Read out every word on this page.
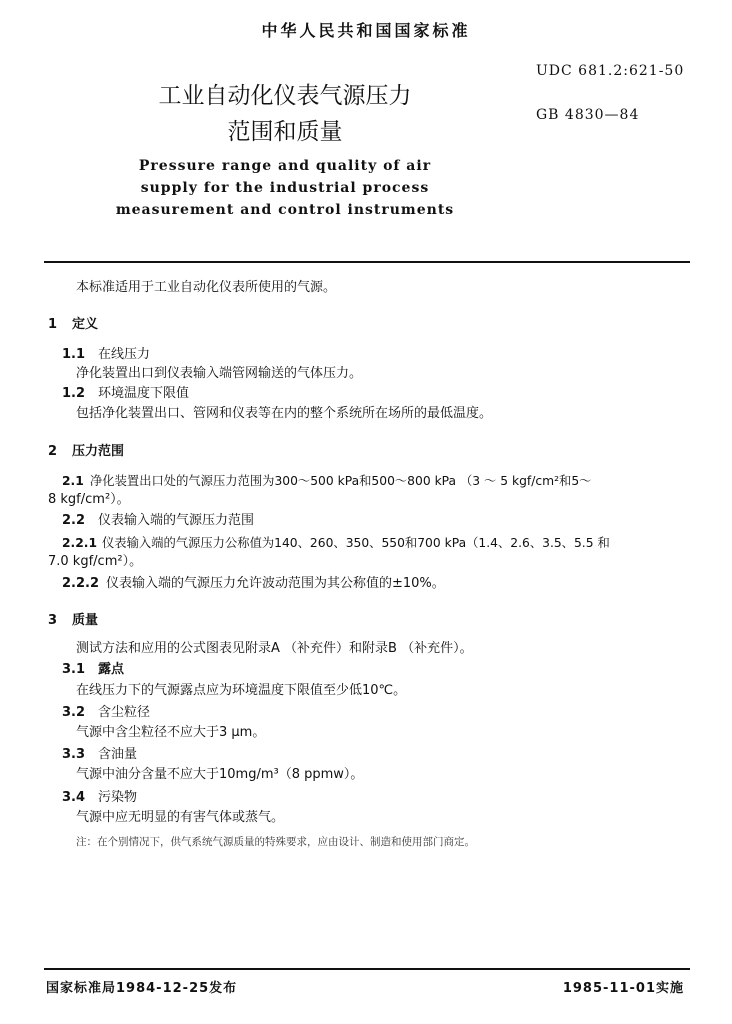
中华人民共和国国家标准
工业自动化仪表气源压力
范围和质量
UDC 681.2:621-50
GB 4830—84
Pressure range and quality of air
supply for the industrial process
measurement and control instruments
本标准适用于工业自动化仪表所使用的气源。
1 定义
1.1 在线压力
净化装置出口到仪表输入端管网输送的气体压力。
1.2 环境温度下限值
包括净化装置出口、管网和仪表等在内的整个系统所在场所的最低温度。
2 压力范围
2.1 净化装置出口处的气源压力范围为300～500 kPa和500～800 kPa （3 ～ 5 kgf/cm²和5～
8 kgf/cm²）。
2.2 仪表输入端的气源压力范围
2.2.1 仪表输入端的气源压力公称值为140、260、350、550和700 kPa（1.4、2.6、3.5、5.5 和
7.0 kgf/cm²）。
2.2.2 仪表输入端的气源压力允许波动范围为其公称值的±10%。
3 质量
测试方法和应用的公式图表见附录A （补充件）和附录B （补充件）。
3.1 露点
在线压力下的气源露点应为环境温度下限值至少低10℃。
3.2 含尘粒径
气源中含尘粒径不应大于3 μm。
3.3 含油量
气源中油分含量不应大于10mg/m³（8 ppmw）。
3.4 污染物
气源中应无明显的有害气体或蒸气。
注：在个别情况下，供气系统气源质量的特殊要求，应由设计、制造和使用部门商定。
国家标准局1984-12-25发布	1985-11-01实施
